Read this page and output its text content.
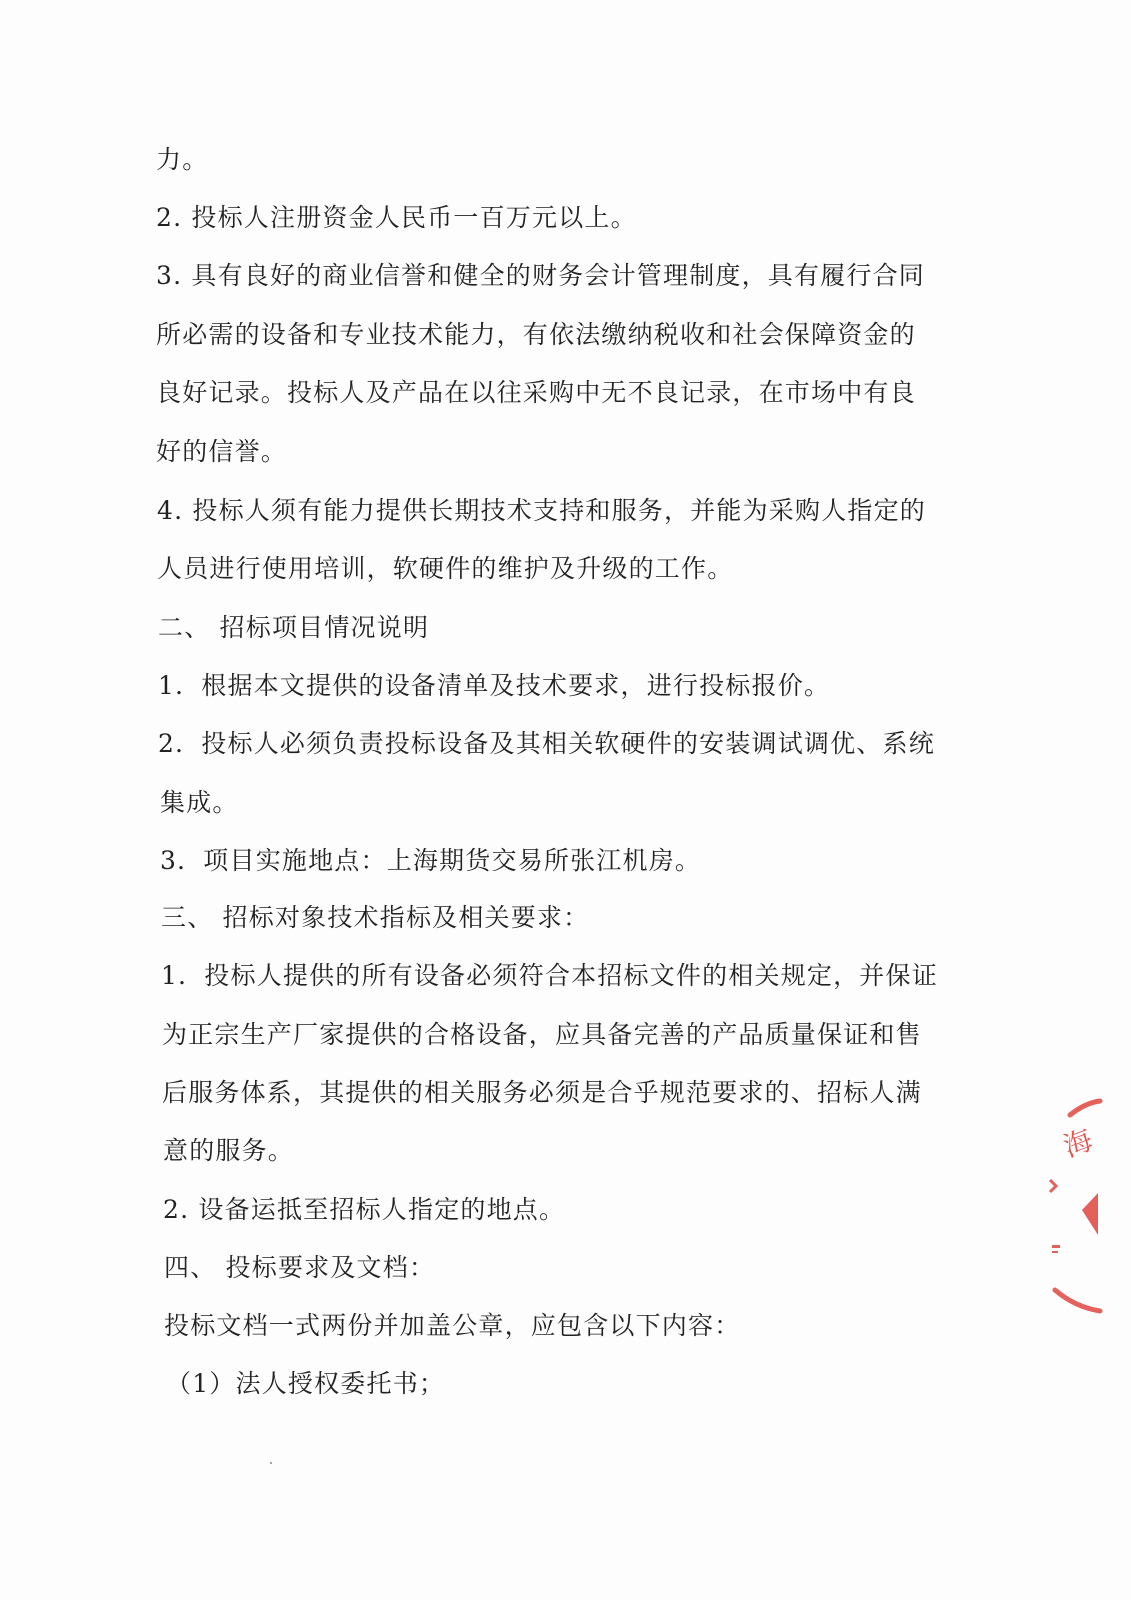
力。
2. 投标人注册资金人民币一百万元以上。
3. 具有良好的商业信誉和健全的财务会计管理制度，具有履行合同
所必需的设备和专业技术能力，有依法缴纳税收和社会保障资金的
良好记录。投标人及产品在以往采购中无不良记录，在市场中有良
好的信誉。
4. 投标人须有能力提供长期技术支持和服务，并能为采购人指定的
人员进行使用培训，软硬件的维护及升级的工作。
二、 招标项目情况说明
1．根据本文提供的设备清单及技术要求，进行投标报价。
2．投标人必须负责投标设备及其相关软硬件的安装调试调优、系统
集成。
3．项目实施地点：上海期货交易所张江机房。
三、 招标对象技术指标及相关要求：
1．投标人提供的所有设备必须符合本招标文件的相关规定，并保证
为正宗生产厂家提供的合格设备，应具备完善的产品质量保证和售
后服务体系，其提供的相关服务必须是合乎规范要求的、招标人满
意的服务。
2. 设备运抵至招标人指定的地点。
四、 投标要求及文档：
投标文档一式两份并加盖公章，应包含以下内容：
（1）法人授权委托书；
海
